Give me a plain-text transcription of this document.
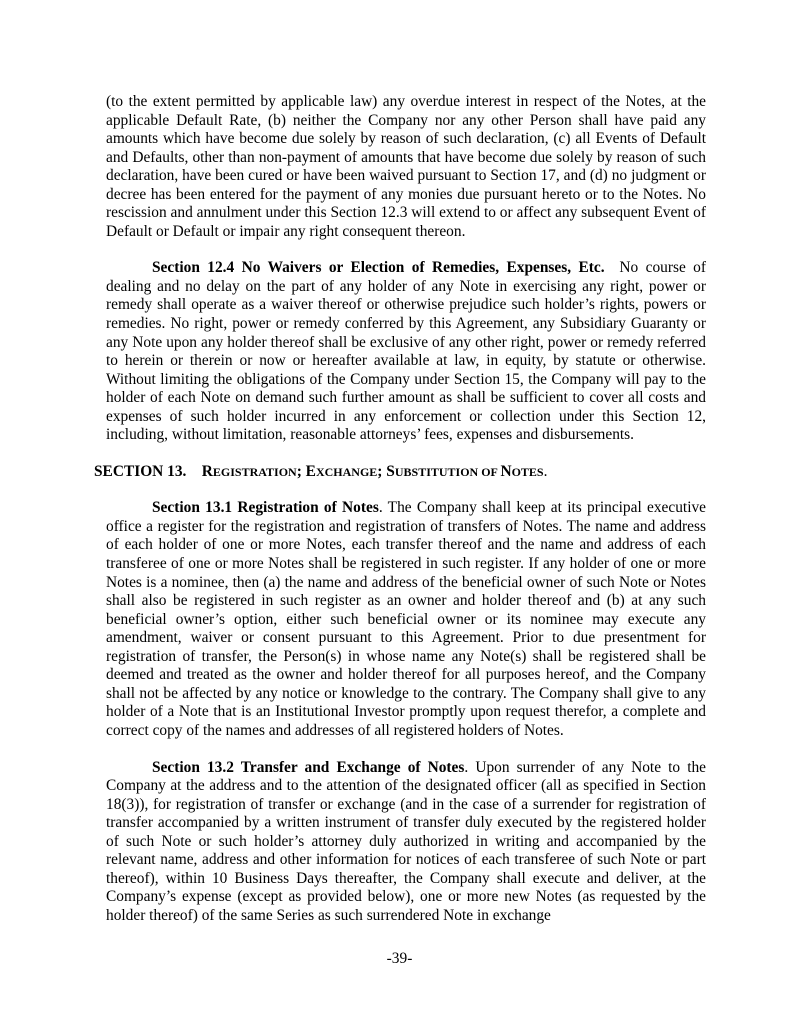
(to the extent permitted by applicable law) any overdue interest in respect of the Notes, at the applicable Default Rate, (b) neither the Company nor any other Person shall have paid any amounts which have become due solely by reason of such declaration, (c) all Events of Default and Defaults, other than non-payment of amounts that have become due solely by reason of such declaration, have been cured or have been waived pursuant to Section 17, and (d) no judgment or decree has been entered for the payment of any monies due pursuant hereto or to the Notes. No rescission and annulment under this Section 12.3 will extend to or affect any subsequent Event of Default or Default or impair any right consequent thereon.

Section 12.4 No Waivers or Election of Remedies, Expenses, Etc. No course of dealing and no delay on the part of any holder of any Note in exercising any right, power or remedy shall operate as a waiver thereof or otherwise prejudice such holder’s rights, powers or remedies. No right, power or remedy conferred by this Agreement, any Subsidiary Guaranty or any Note upon any holder thereof shall be exclusive of any other right, power or remedy referred to herein or therein or now or hereafter available at law, in equity, by statute or otherwise. Without limiting the obligations of the Company under Section 15, the Company will pay to the holder of each Note on demand such further amount as shall be sufficient to cover all costs and expenses of such holder incurred in any enforcement or collection under this Section 12, including, without limitation, reasonable attorneys’ fees, expenses and disbursements.

SECTION 13. REGISTRATION; EXCHANGE; SUBSTITUTION OF NOTES.

Section 13.1 Registration of Notes. The Company shall keep at its principal executive office a register for the registration and registration of transfers of Notes. The name and address of each holder of one or more Notes, each transfer thereof and the name and address of each transferee of one or more Notes shall be registered in such register. If any holder of one or more Notes is a nominee, then (a) the name and address of the beneficial owner of such Note or Notes shall also be registered in such register as an owner and holder thereof and (b) at any such beneficial owner’s option, either such beneficial owner or its nominee may execute any amendment, waiver or consent pursuant to this Agreement. Prior to due presentment for registration of transfer, the Person(s) in whose name any Note(s) shall be registered shall be deemed and treated as the owner and holder thereof for all purposes hereof, and the Company shall not be affected by any notice or knowledge to the contrary. The Company shall give to any holder of a Note that is an Institutional Investor promptly upon request therefor, a complete and correct copy of the names and addresses of all registered holders of Notes.

Section 13.2 Transfer and Exchange of Notes. Upon surrender of any Note to the Company at the address and to the attention of the designated officer (all as specified in Section 18(3)), for registration of transfer or exchange (and in the case of a surrender for registration of transfer accompanied by a written instrument of transfer duly executed by the registered holder of such Note or such holder’s attorney duly authorized in writing and accompanied by the relevant name, address and other information for notices of each transferee of such Note or part thereof), within 10 Business Days thereafter, the Company shall execute and deliver, at the Company’s expense (except as provided below), one or more new Notes (as requested by the holder thereof) of the same Series as such surrendered Note in exchange

-39-
